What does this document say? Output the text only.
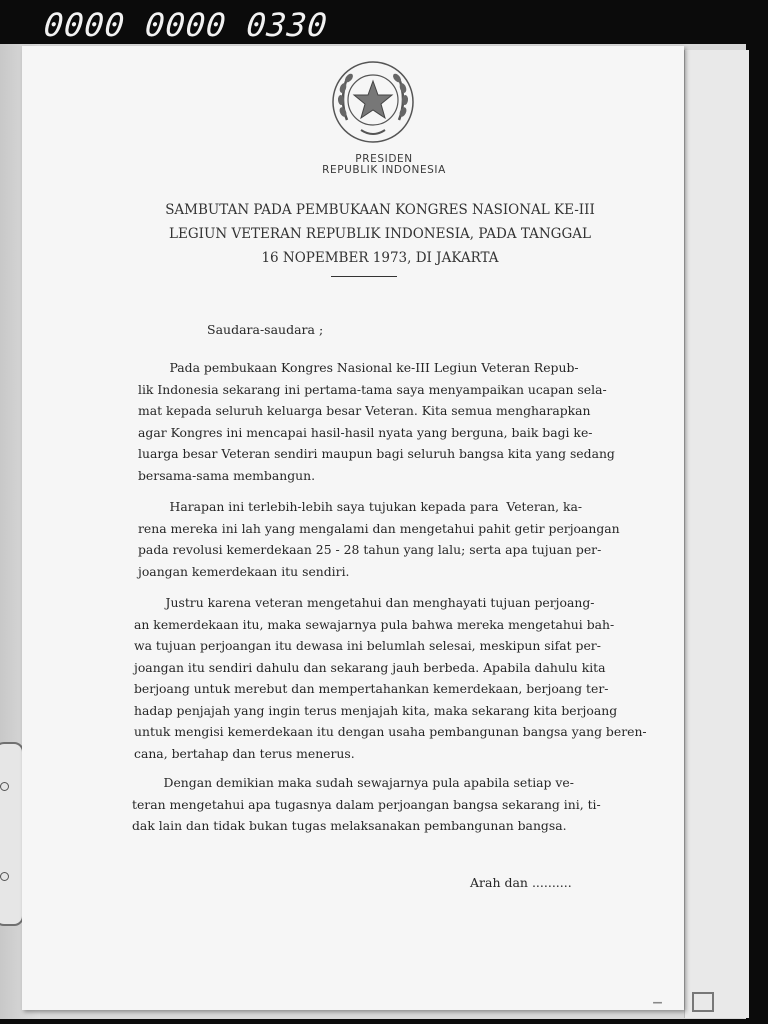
0000 0000 0330
PRESIDEN
REPUBLIK INDONESIA
SAMBUTAN PADA PEMBUKAAN KONGRES NASIONAL KE-III
LEGIUN VETERAN REPUBLIK INDONESIA, PADA TANGGAL
16 NOPEMBER 1973, DI JAKARTA
Saudara-saudara ;
Pada pembukaan Kongres Nasional ke-III Legiun Veteran Repub-
lik Indonesia sekarang ini pertama-tama saya menyampaikan ucapan sela-
mat kepada seluruh keluarga besar Veteran. Kita semua mengharapkan
agar Kongres ini mencapai hasil-hasil nyata yang berguna, baik bagi ke-
luarga besar Veteran sendiri maupun bagi seluruh bangsa kita yang sedang
bersama-sama membangun.
Harapan ini terlebih-lebih saya tujukan kepada para  Veteran, ka-
rena mereka ini lah yang mengalami dan mengetahui pahit getir perjoangan
pada revolusi kemerdekaan 25 - 28 tahun yang lalu; serta apa tujuan per-
joangan kemerdekaan itu sendiri.
Justru karena veteran mengetahui dan menghayati tujuan perjoang-
an kemerdekaan itu, maka sewajarnya pula bahwa mereka mengetahui bah-
wa tujuan perjoangan itu dewasa ini belumlah selesai, meskipun sifat per-
joangan itu sendiri dahulu dan sekarang jauh berbeda. Apabila dahulu kita
berjoang untuk merebut dan mempertahankan kemerdekaan, berjoang ter-
hadap penjajah yang ingin terus menjajah kita, maka sekarang kita berjoang
untuk mengisi kemerdekaan itu dengan usaha pembangunan bangsa yang beren-
cana, bertahap dan terus menerus.
Dengan demikian maka sudah sewajarnya pula apabila setiap ve-
teran mengetahui apa tugasnya dalam perjoangan bangsa sekarang ini, ti-
dak lain dan tidak bukan tugas melaksanakan pembangunan bangsa.
Arah dan ..........
–
